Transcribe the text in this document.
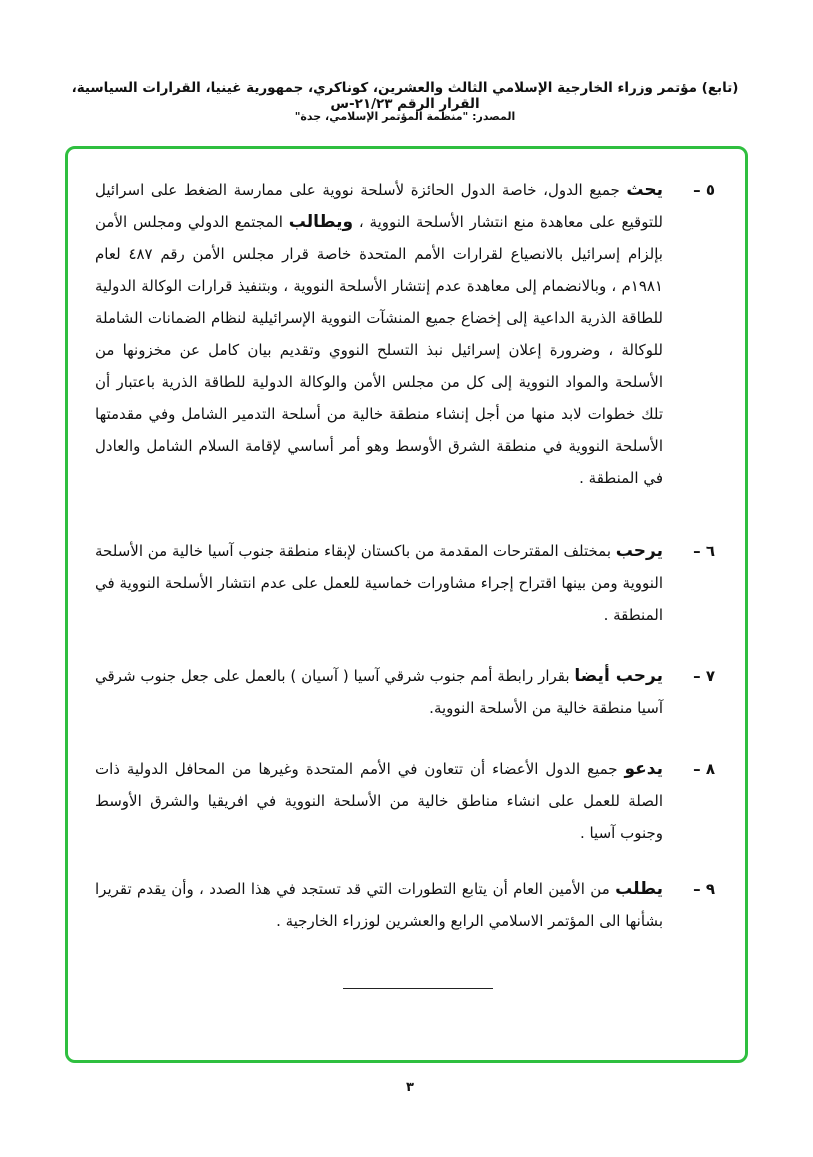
(تابع) مؤتمر وزراء الخارجية الإسلامي الثالث والعشرين، كوناكري، جمهورية غينيا، القرارات السياسية، القرار الرقم ٢١/٢٣-س
المصدر: "منظمة المؤتمر الإسلامي، جدة"
٥ –
يحث جميع الدول، خاصة الدول الحائزة لأسلحة نووية على ممارسة الضغط على اسرائيل للتوقيع على معاهدة منع انتشار الأسلحة النووية ، ويطالب المجتمع الدولي ومجلس الأمن بإلزام إسرائيل بالانصياع لقرارات الأمم المتحدة خاصة قرار مجلس الأمن رقم ٤٨٧ لعام ١٩٨١م ، وبالانضمام إلى معاهدة عدم إنتشار الأسلحة النووية ، وبتنفيذ قرارات الوكالة الدولية للطاقة الذرية الداعية إلى إخضاع جميع المنشآت النووية الإسرائيلية لنظام الضمانات الشاملة للوكالة ، وضرورة إعلان إسرائيل نبذ التسلح النووي وتقديم بيان كامل عن مخزونها من الأسلحة والمواد النووية إلى كل من مجلس الأمن والوكالة الدولية للطاقة الذرية باعتبار أن تلك خطوات لابد منها من أجل إنشاء منطقة خالية من أسلحة التدمير الشامل وفي مقدمتها الأسلحة النووية في منطقة الشرق الأوسط وهو أمر أساسي لإقامة السلام الشامل والعادل في المنطقة .
٦ –
يرحب بمختلف المقترحات المقدمة من باكستان لإبقاء منطقة جنوب آسيا خالية من الأسلحة النووية ومن بينها اقتراح إجراء مشاورات خماسية للعمل على عدم انتشار الأسلحة النووية في المنطقة .
٧ –
يرحب أيضا بقرار رابطة أمم جنوب شرقي آسيا ( آسيان ) بالعمل على جعل جنوب شرقي آسيا منطقة خالية من الأسلحة النووية.
٨ –
يدعو جميع الدول الأعضاء أن تتعاون في الأمم المتحدة وغيرها من المحافل الدولية ذات الصلة للعمل على انشاء مناطق خالية من الأسلحة النووية في افريقيا والشرق الأوسط وجنوب آسيا .
٩ –
يطلب من الأمين العام أن يتابع التطورات التي قد تستجد في هذا الصدد ، وأن يقدم تقريرا بشأنها الى المؤتمر الاسلامي الرابع والعشرين لوزراء الخارجية .
٣
